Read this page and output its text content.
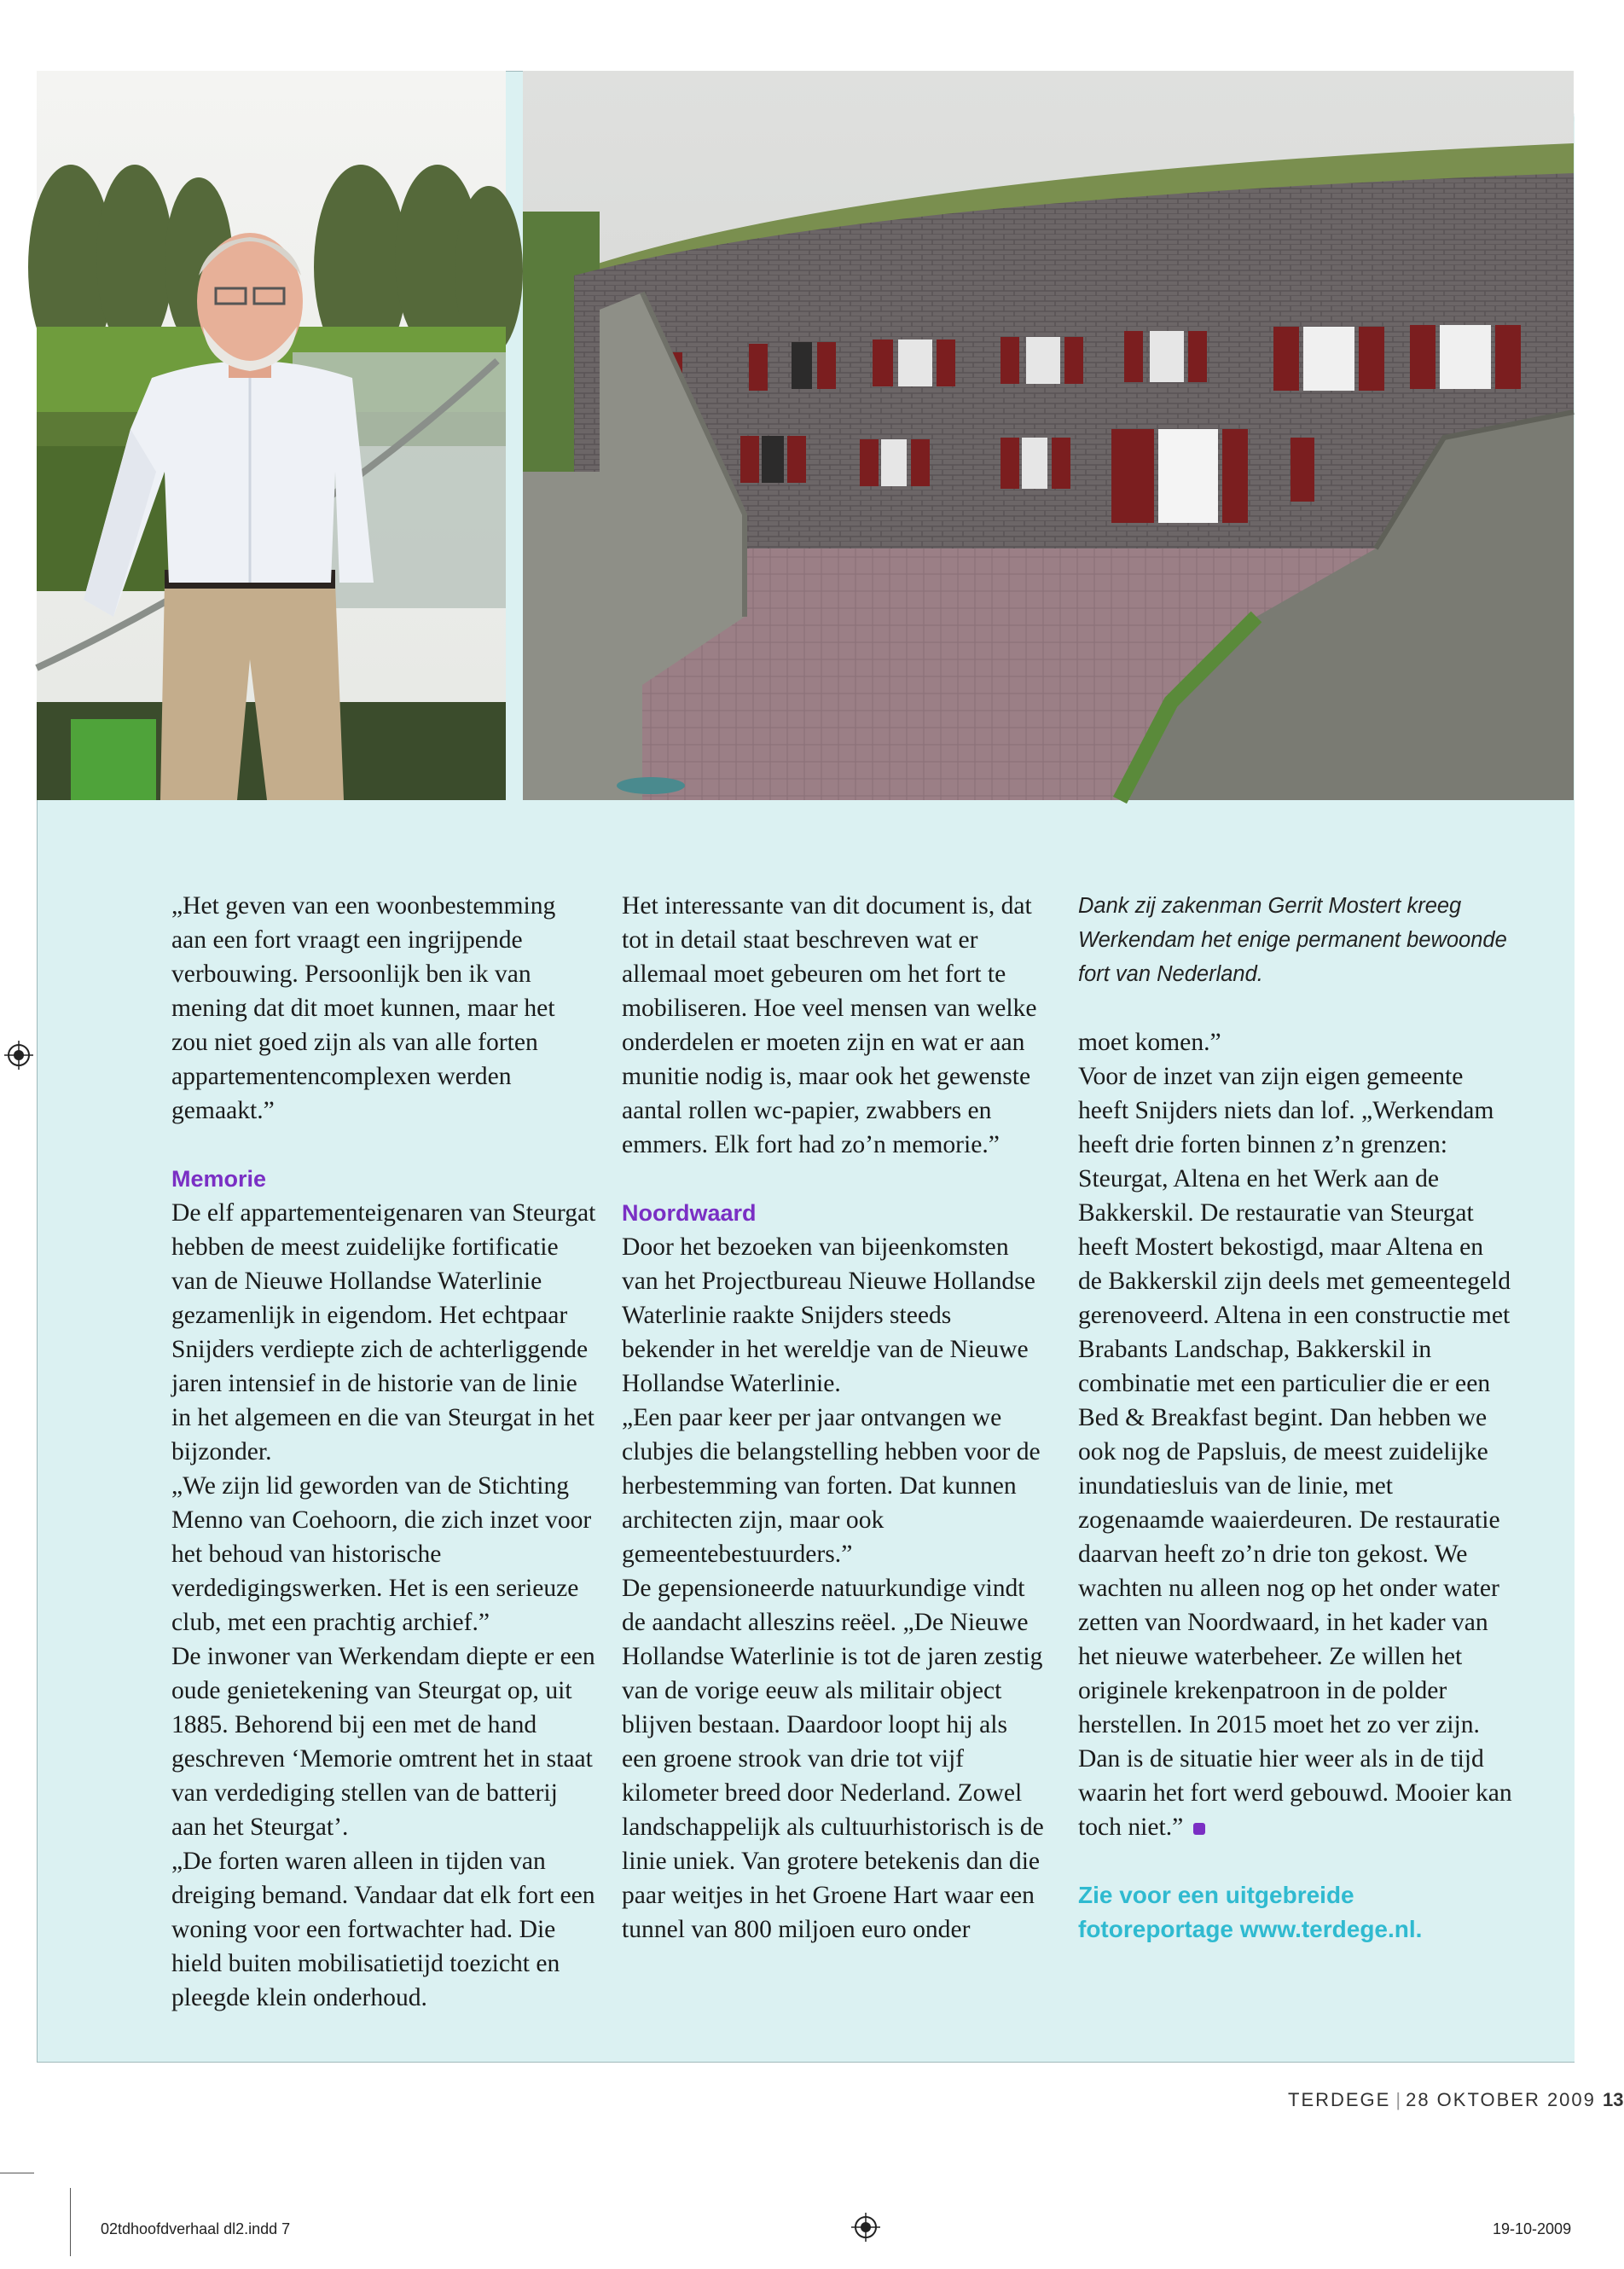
„Het geven van een woonbestemming aan een fort vraagt een ingrijpende verbouwing. Persoonlijk ben ik van mening dat dit moet kunnen, maar het zou niet goed zijn als van alle forten appartementencomplexen werden gemaakt.”

Memorie

De elf appartementeigenaren van Steurgat hebben de meest zuidelijke fortificatie van de Nieuwe Hollandse Waterlinie gezamenlijk in eigendom. Het echtpaar Snijders verdiepte zich de achterliggende jaren intensief in de historie van de linie in het algemeen en die van Steurgat in het bijzonder.

„We zijn lid geworden van de Stichting Menno van Coehoorn, die zich inzet voor het behoud van historische verdedigingswerken. Het is een serieuze club, met een prachtig archief.”

De inwoner van Werkendam diepte er een oude genietekening van Steurgat op, uit 1885. Behorend bij een met de hand geschreven ‘Memorie omtrent het in staat van verdediging stellen van de batterij aan het Steurgat’.

„De forten waren alleen in tijden van dreiging bemand. Vandaar dat elk fort een woning voor een fortwachter had. Die hield buiten mobilisatietijd toezicht en pleegde klein onderhoud.

Het interessante van dit document is, dat tot in detail staat beschreven wat er allemaal moet gebeuren om het fort te mobiliseren. Hoe veel mensen van welke onderdelen er moeten zijn en wat er aan munitie nodig is, maar ook het gewenste aantal rollen wc-papier, zwabbers en emmers. Elk fort had zo’n memorie.”

Noordwaard

Door het bezoeken van bijeenkomsten van het Projectbureau Nieuwe Hollandse Waterlinie raakte Snijders steeds bekender in het wereldje van de Nieuwe Hollandse Waterlinie.

„Een paar keer per jaar ontvangen we clubjes die belangstelling hebben voor de herbestemming van forten. Dat kunnen architecten zijn, maar ook gemeentebestuurders.”

De gepensioneerde natuurkundige vindt de aandacht alleszins reëel. „De Nieuwe Hollandse Waterlinie is tot de jaren zestig van de vorige eeuw als militair object blijven bestaan. Daardoor loopt hij als een groene strook van drie tot vijf kilometer breed door Nederland. Zowel landschappelijk als cultuurhistorisch is de linie uniek. Van grotere betekenis dan die paar weitjes in het Groene Hart waar een tunnel van 800 miljoen euro onder

Dank zij zakenman Gerrit Mostert kreeg Werkendam het enige permanent bewoonde fort van Nederland.

moet komen.”

Voor de inzet van zijn eigen gemeente heeft Snijders niets dan lof. „Werkendam heeft drie forten binnen z’n grenzen: Steurgat, Altena en het Werk aan de Bakkerskil. De restauratie van Steurgat heeft Mostert bekostigd, maar Altena en de Bakkerskil zijn deels met gemeentegeld gerenoveerd. Altena in een constructie met Brabants Landschap, Bakkerskil in combinatie met een particulier die er een Bed & Breakfast begint. Dan hebben we ook nog de Papsluis, de meest zuidelijke inundatiesluis van de linie, met zogenaamde waaierdeuren. De restauratie daarvan heeft zo’n drie ton gekost. We wachten nu alleen nog op het onder water zetten van Noordwaard, in het kader van het nieuwe waterbeheer. Ze willen het originele krekenpatroon in de polder herstellen. In 2015 moet het zo ver zijn. Dan is de situatie hier weer als in de tijd waarin het fort werd gebouwd. Mooier kan toch niet.”

Zie voor een uitgebreide fotoreportage www.terdege.nl.

TERDEGE | 28 OKTOBER 2009 13
02tdhoofdverhaal dl2.indd 7	19-10-2009
